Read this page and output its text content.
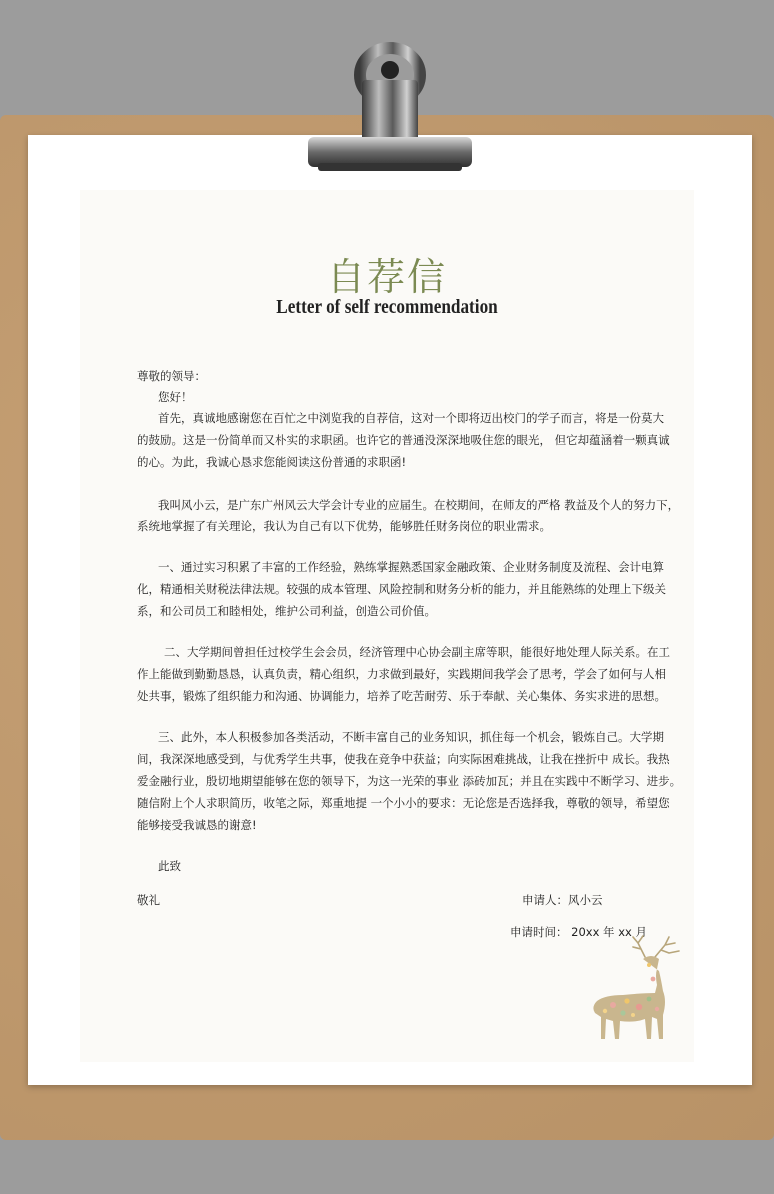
自荐信
Letter of self recommendation
尊敬的领导：
您好！
首先，真诚地感谢您在百忙之中浏览我的自荐信，这对一个即将迈出校门的学子而言，将是一份莫大
的鼓励。这是一份简单而又朴实的求职函。也许它的普通没深深地吸住您的眼光， 但它却蕴涵着一颗真诚
的心。为此，我诚心恳求您能阅读这份普通的求职函!
我叫风小云，是广东广州风云大学会计专业的应届生。在校期间，在师友的严格 教益及个人的努力下，
系统地掌握了有关理论，我认为自己有以下优势，能够胜任财务岗位的职业需求。
一、通过实习积累了丰富的工作经验，熟练掌握熟悉国家金融政策、企业财务制度及流程、会计电算
化，精通相关财税法律法规。较强的成本管理、风险控制和财务分析的能力，并且能熟练的处理上下级关
系，和公司员工和睦相处，维护公司利益，创造公司价值。
二、大学期间曾担任过校学生会会员，经济管理中心协会副主席等职，能很好地处理人际关系。在工
作上能做到勤勤恳恳，认真负责，精心组织，力求做到最好，实践期间我学会了思考，学会了如何与人相
处共事，锻炼了组织能力和沟通、协调能力，培养了吃苦耐劳、乐于奉献、关心集体、务实求进的思想。
三、此外，本人积极参加各类活动，不断丰富自己的业务知识，抓住每一个机会，锻炼自己。大学期
间，我深深地感受到，与优秀学生共事，使我在竞争中获益；向实际困难挑战，让我在挫折中 成长。我热
爱金融行业，殷切地期望能够在您的领导下，为这一光荣的事业 添砖加瓦；并且在实践中不断学习、进步。
随信附上个人求职简历，收笔之际，郑重地提 一个小小的要求：无论您是否选择我，尊敬的领导，希望您
能够接受我诚恳的谢意!
此致
敬礼	申请人：风小云
申请时间： 20xx 年 xx 月
